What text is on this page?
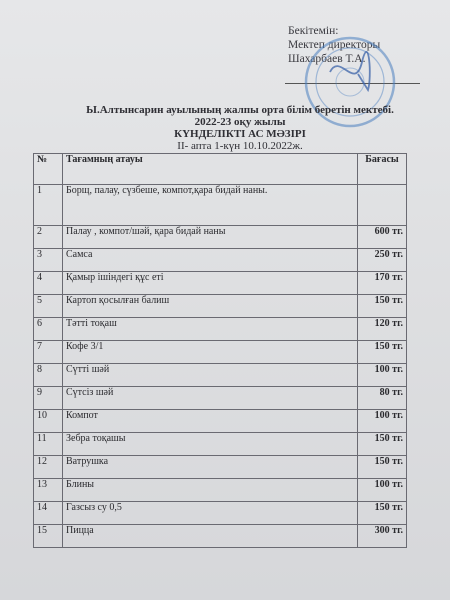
Бекітемін:
Мектеп директоры
Шахарбаев Т.А.
Ы.Алтынсарин ауылының жалпы орта білім беретін мектебі.
2022-23 оқу жылы
КҮНДЕЛІКТІ АС МӘЗІРІ
ІІ- апта 1-күн 10.10.2022ж.
№	Тағамның атауы	Бағасы
1	Борщ, палау, сүзбеше, компот,қара бидай наны.	
2	Палау , компот/шәй, қара бидай наны	600 тг.
3	Самса	250 тг.
4	Қамыр ішіндегі құс еті	170 тг.
5	Картоп қосылған балиш	150 тг.
6	Тәтті тоқаш	120 тг.
7	Кофе 3/1	150 тг.
8	Сүтті шәй	100 тг.
9	Сүтсіз шәй	80 тг.
10	Компот	100 тг.
11	Зебра тоқашы	150 тг.
12	Ватрушка	150 тг.
13	Блины	100 тг.
14	Газсыз су 0,5	150 тг.
15	Пицца	300 тг.
